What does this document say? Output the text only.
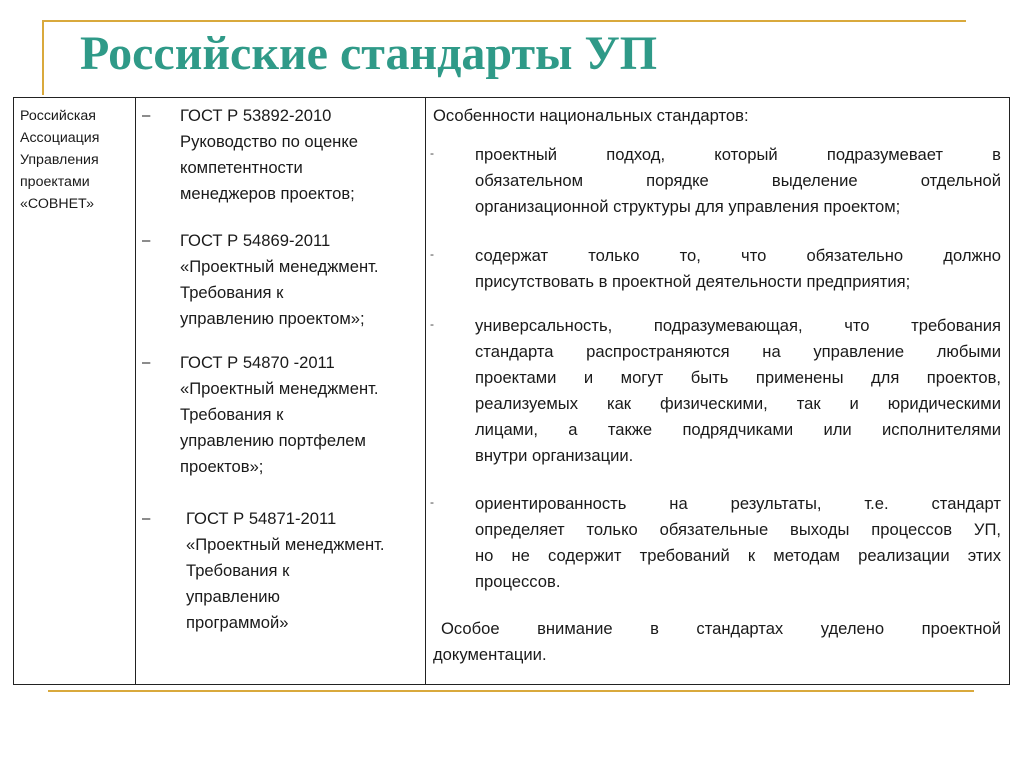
Российские стандарты УП
Российская
Ассоциация
Управления
проектами
«СОВНЕТ»
– ГОСТ Р 53892-2010
Руководство по оценке
компетентности
менеджеров проектов;
– ГОСТ Р 54869-2011
«Проектный менеджмент.
Требования к
управлению проектом»;
– ГОСТ Р 54870 -2011
«Проектный менеджмент.
Требования к
управлению портфелем
проектов»;
– ГОСТ Р 54871-2011
«Проектный менеджмент.
Требования к
управлению
программой»
Особенности национальных стандартов:
- проектный подход, который подразумевает в
обязательном порядке выделение отдельной
организационной структуры для управления проектом;
- содержат только то, что обязательно должно
присутствовать в проектной деятельности предприятия;
- универсальность, подразумевающая, что требования
стандарта распространяются на управление любыми
проектами и могут быть применены для проектов,
реализуемых как физическими, так и юридическими
лицами, а также подрядчиками или исполнителями
внутри организации.
- ориентированность на результаты, т.е. стандарт
определяет только обязательные выходы процессов УП,
но не содержит требований к методам реализации этих
процессов.
Особое внимание в стандартах уделено проектной
документации.
